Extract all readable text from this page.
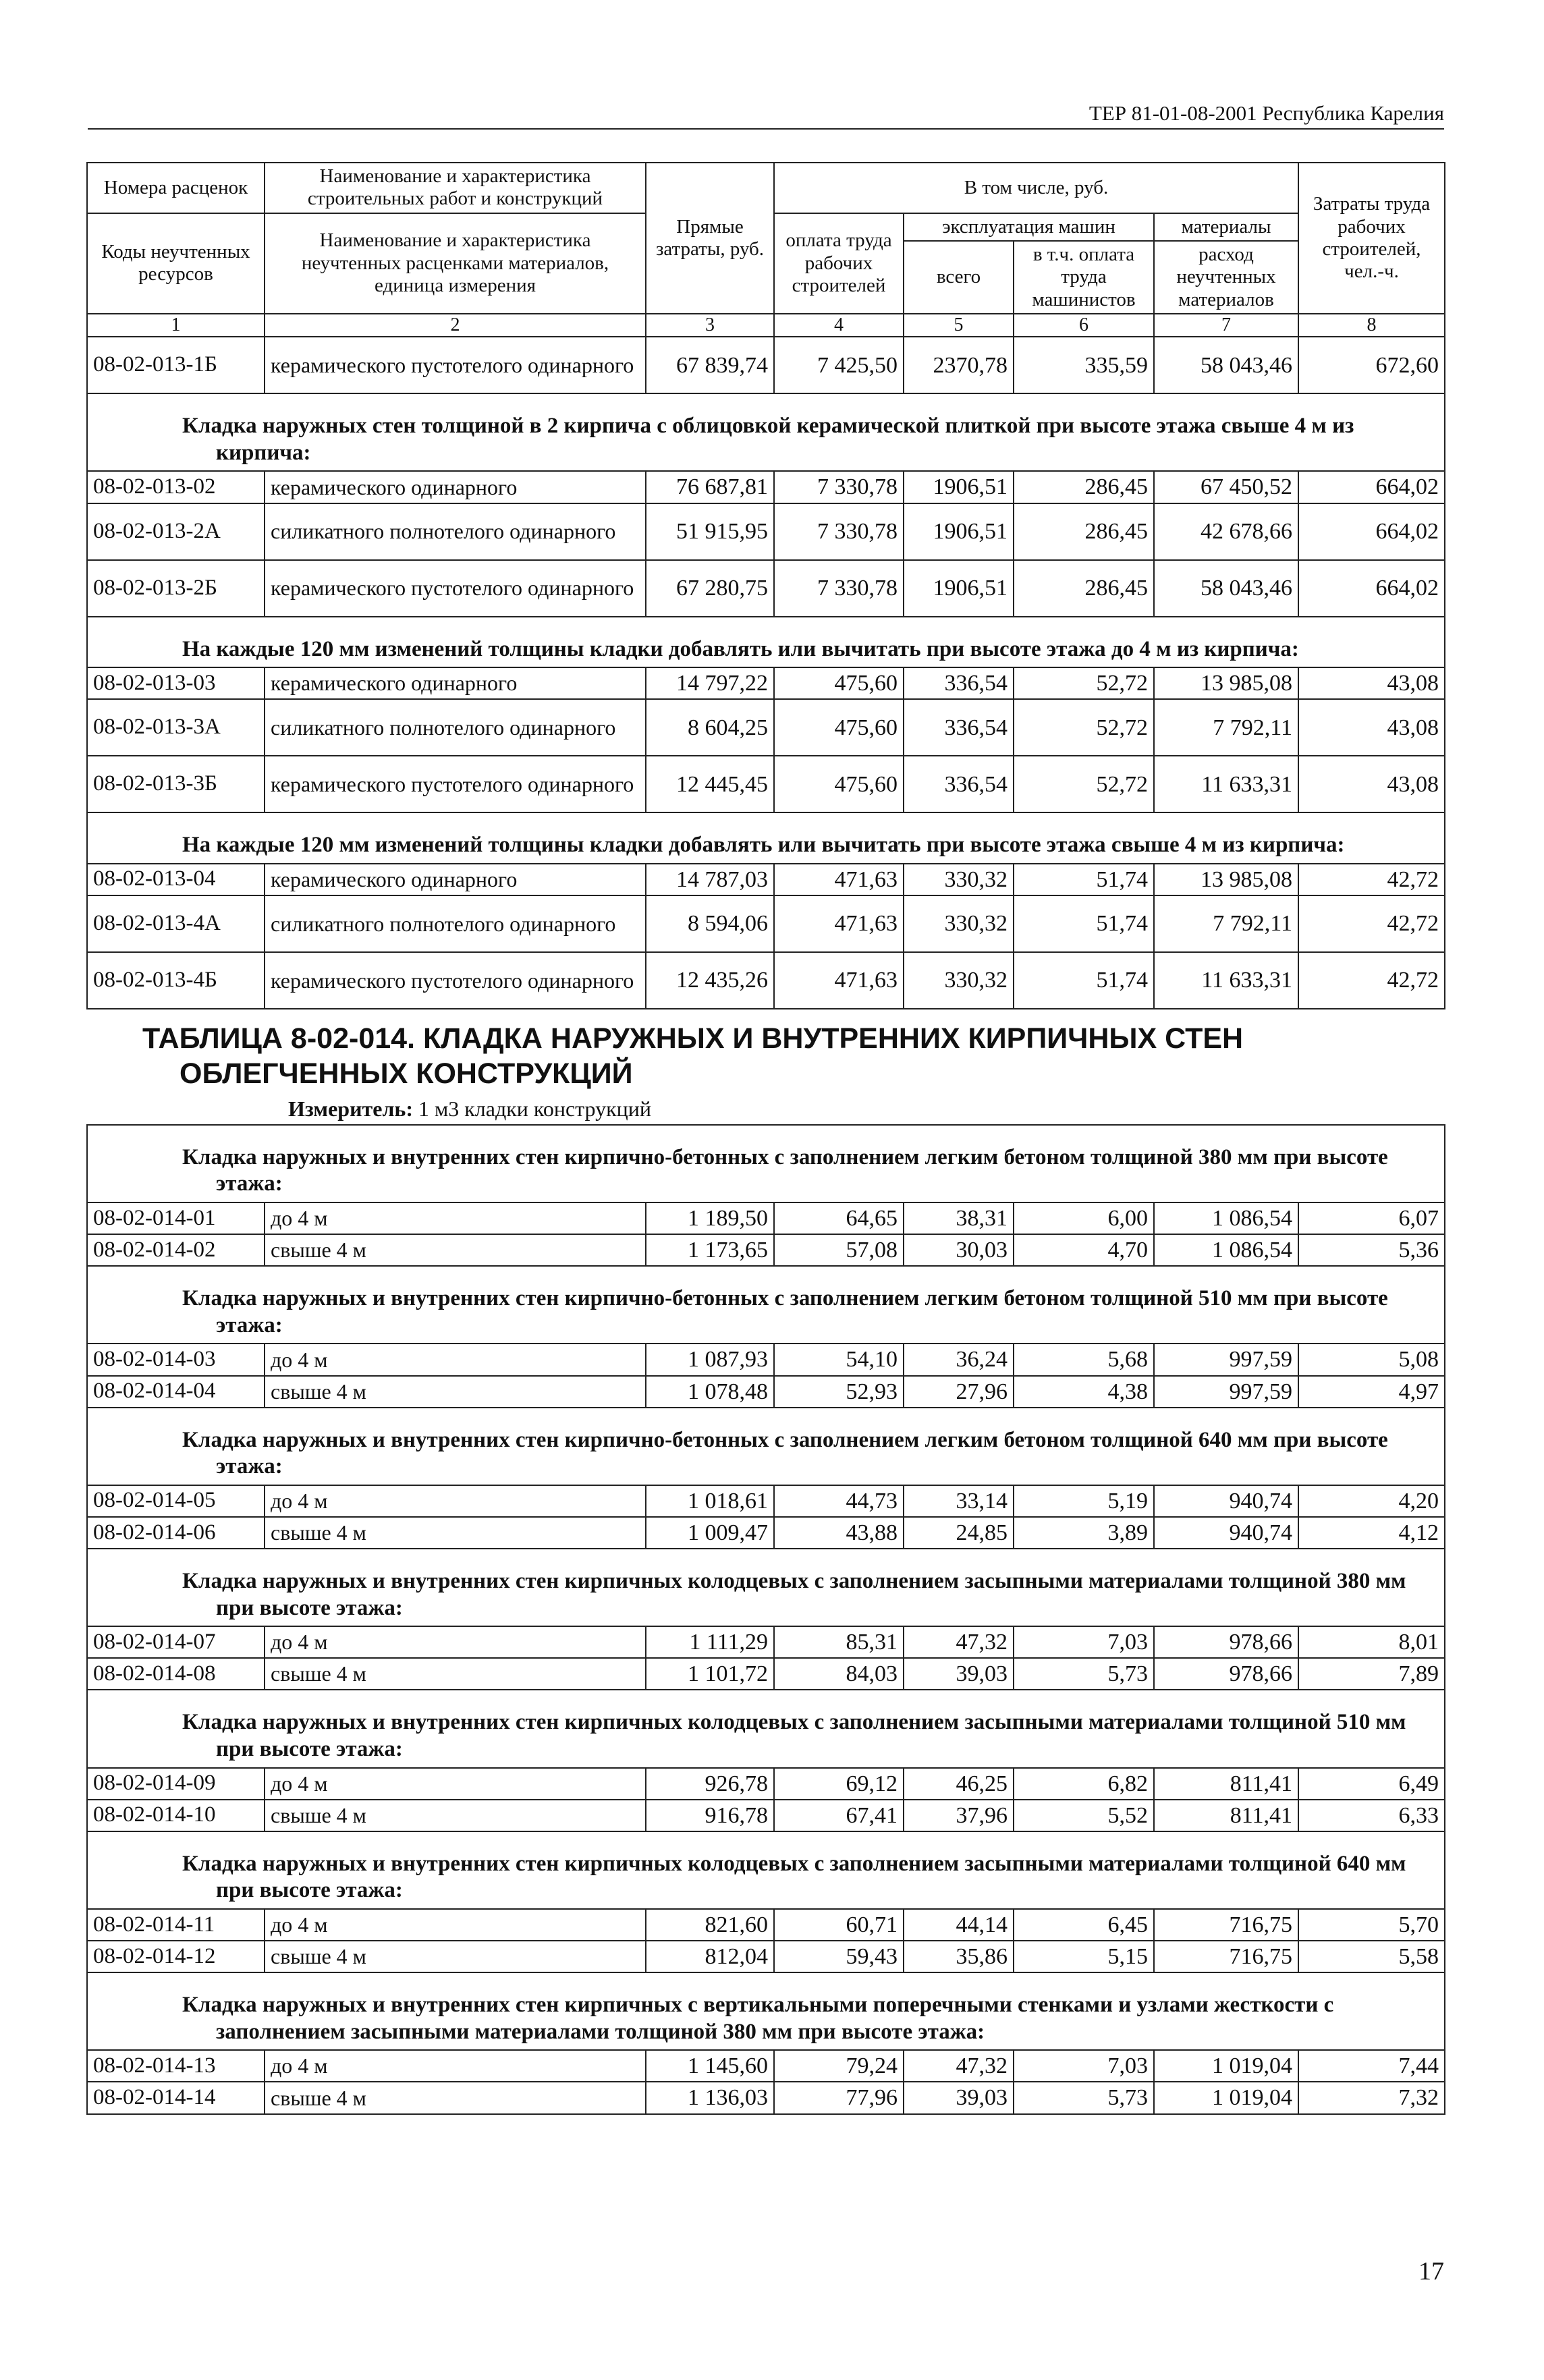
ТЕР 81-01-08-2001 Республика Карелия
Номера расценок	Наименование и характеристика строительных работ и конструкций	Прямые затраты, руб.	В том числе, руб.				Затраты труда рабочих строителей, чел.-ч.
Коды неучтенных ресурсов	Наименование и характеристика неучтенных расценками материалов, единица измерения		оплата труда рабочих строителей	эксплуатация машин		материалы	
				всего	в т.ч. оплата труда машинистов	расход неучтенных материалов	
1	2	3	4	5	6	7	8
08-02-013-1Б	керамического пустотелого одинарного	67 839,74	7 425,50	2370,78	335,59	58 043,46	672,60
Кладка наружных стен толщиной в 2 кирпича с облицовкой керамической плиткой при высоте этажа свыше 4 м из кирпича:							
08-02-013-02	керамического одинарного	76 687,81	7 330,78	1906,51	286,45	67 450,52	664,02
08-02-013-2А	силикатного полнотелого одинарного	51 915,95	7 330,78	1906,51	286,45	42 678,66	664,02
08-02-013-2Б	керамического пустотелого одинарного	67 280,75	7 330,78	1906,51	286,45	58 043,46	664,02
На каждые 120 мм изменений толщины кладки добавлять или вычитать при высоте этажа до 4 м из кирпича:							
08-02-013-03	керамического одинарного	14 797,22	475,60	336,54	52,72	13 985,08	43,08
08-02-013-3А	силикатного полнотелого одинарного	8 604,25	475,60	336,54	52,72	7 792,11	43,08
08-02-013-3Б	керамического пустотелого одинарного	12 445,45	475,60	336,54	52,72	11 633,31	43,08
На каждые 120 мм изменений толщины кладки добавлять или вычитать при высоте этажа свыше 4 м из кирпича:							
08-02-013-04	керамического одинарного	14 787,03	471,63	330,32	51,74	13 985,08	42,72
08-02-013-4А	силикатного полнотелого одинарного	8 594,06	471,63	330,32	51,74	7 792,11	42,72
08-02-013-4Б	керамического пустотелого одинарного	12 435,26	471,63	330,32	51,74	11 633,31	42,72

ТАБЛИЦА 8-02-014. КЛАДКА НАРУЖНЫХ И ВНУТРЕННИХ КИРПИЧНЫХ СТЕН
ОБЛЕГЧЕННЫХ КОНСТРУКЦИЙ
Измеритель: 1 м3 кладки конструкций							

Кладка наружных и внутренних стен кирпично-бетонных с заполнением легким бетоном толщиной 380 мм при высоте этажа:							
08-02-014-01	до 4 м	1 189,50	64,65	38,31	6,00	1 086,54	6,07
08-02-014-02	свыше 4 м	1 173,65	57,08	30,03	4,70	1 086,54	5,36
Кладка наружных и внутренних стен кирпично-бетонных с заполнением легким бетоном толщиной 510 мм при высоте этажа:							
08-02-014-03	до 4 м	1 087,93	54,10	36,24	5,68	997,59	5,08
08-02-014-04	свыше 4 м	1 078,48	52,93	27,96	4,38	997,59	4,97
Кладка наружных и внутренних стен кирпично-бетонных с заполнением легким бетоном толщиной 640 мм при высоте этажа:							
08-02-014-05	до 4 м	1 018,61	44,73	33,14	5,19	940,74	4,20
08-02-014-06	свыше 4 м	1 009,47	43,88	24,85	3,89	940,74	4,12
Кладка наружных и внутренних стен кирпичных колодцевых с заполнением засыпными материалами толщиной 380 мм при высоте этажа:							
08-02-014-07	до 4 м	1 111,29	85,31	47,32	7,03	978,66	8,01
08-02-014-08	свыше 4 м	1 101,72	84,03	39,03	5,73	978,66	7,89
Кладка наружных и внутренних стен кирпичных колодцевых с заполнением засыпными материалами толщиной 510 мм при высоте этажа:							
08-02-014-09	до 4 м	926,78	69,12	46,25	6,82	811,41	6,49
08-02-014-10	свыше 4 м	916,78	67,41	37,96	5,52	811,41	6,33
Кладка наружных и внутренних стен кирпичных колодцевых с заполнением засыпными материалами толщиной 640 мм при высоте этажа:							
08-02-014-11	до 4 м	821,60	60,71	44,14	6,45	716,75	5,70
08-02-014-12	свыше 4 м	812,04	59,43	35,86	5,15	716,75	5,58
Кладка наружных и внутренних стен кирпичных с вертикальными поперечными стенками и узлами жесткости с заполнением засыпными материалами толщиной 380 мм при высоте этажа:							
08-02-014-13	до 4 м	1 145,60	79,24	47,32	7,03	1 019,04	7,44
08-02-014-14	свыше 4 м	1 136,03	77,96	39,03	5,73	1 019,04	7,32
17
